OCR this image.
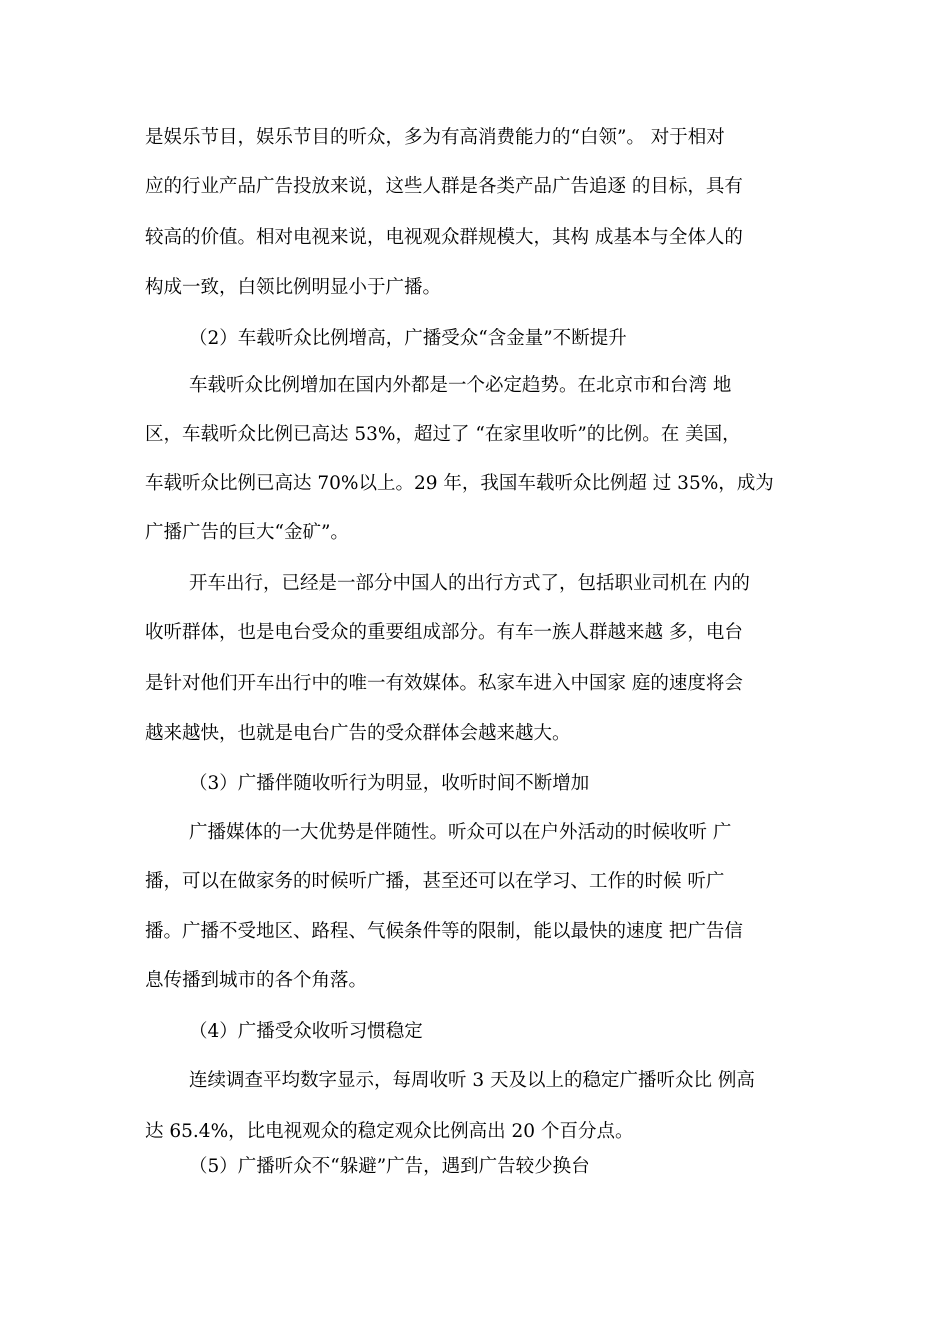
是娱乐节目，娱乐节目的听众，多为有高消费能力的“白领”。 对于相对
应的行业产品广告投放来说，这些人群是各类产品广告追逐 的目标，具有
较高的价值。相对电视来说，电视观众群规模大，其构 成基本与全体人的
构成一致，白领比例明显小于广播。
（2）车载听众比例增高，广播受众“含金量”不断提升
车载听众比例增加在国内外都是一个必定趋势。在北京市和台湾 地
区，车载听众比例已高达 53%，超过了 “在家里收听”的比例。在 美国，
车载听众比例已高达 70%以上。29 年，我国车载听众比例超 过 35%，成为
广播广告的巨大“金矿”。
开车出行，已经是一部分中国人的出行方式了，包括职业司机在 内的
收听群体，也是电台受众的重要组成部分。有车一族人群越来越 多，电台
是针对他们开车出行中的唯一有效媒体。私家车进入中国家 庭的速度将会
越来越快，也就是电台广告的受众群体会越来越大。
（3）广播伴随收听行为明显，收听时间不断增加
广播媒体的一大优势是伴随性。听众可以在户外活动的时候收听 广
播，可以在做家务的时候听广播，甚至还可以在学习、工作的时候 听广
播。广播不受地区、路程、气候条件等的限制，能以最快的速度 把广告信
息传播到城市的各个角落。
（4）广播受众收听习惯稳定
连续调查平均数字显示，每周收听 3 天及以上的稳定广播听众比 例高
达 65.4%，比电视观众的稳定观众比例高出 20 个百分点。
（5）广播听众不“躲避”广告，遇到广告较少换台
